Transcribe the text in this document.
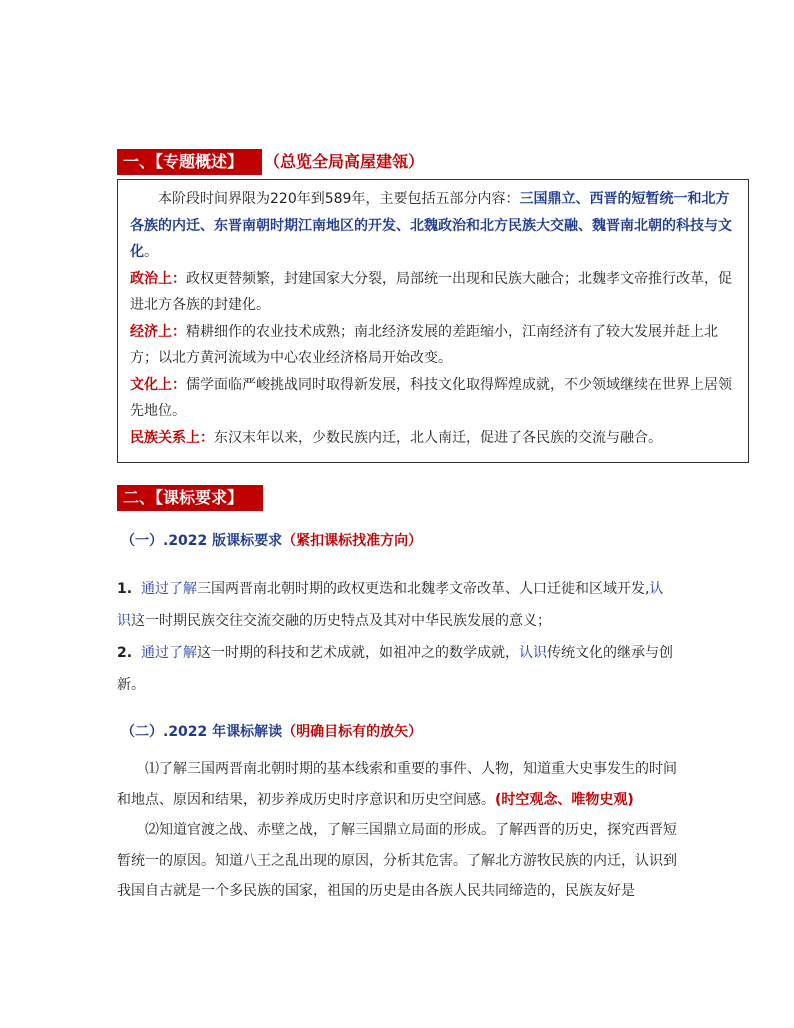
一、【专题概述】 （总览全局高屋建瓴）

本阶段时间界限为220年到589年，主要包括五部分内容：三国鼎立、西晋的短暂统一和北方各族的内迁、东晋南朝时期江南地区的开发、北魏政治和北方民族大交融、魏晋南北朝的科技与文化。

政治上：政权更替频繁，封建国家大分裂，局部统一出现和民族大融合；北魏孝文帝推行改革，促进北方各族的封建化。

经济上：精耕细作的农业技术成熟；南北经济发展的差距缩小，江南经济有了较大发展并赶上北方；以北方黄河流域为中心农业经济格局开始改变。

文化上：儒学面临严峻挑战同时取得新发展，科技文化取得辉煌成就，不少领域继续在世界上居领先地位。

民族关系上：东汉末年以来，少数民族内迁，北人南迁，促进了各民族的交流与融合。

二、【课标要求】
（一）.2022 版课标要求（紧扣课标找准方向）

1. 通过了解三国两晋南北朝时期的政权更迭和北魏孝文帝改革、人口迁徙和区域开发,认识这一时期民族交往交流交融的历史特点及其对中华民族发展的意义；

2. 通过了解这一时期的科技和艺术成就，如祖冲之的数学成就，认识传统文化的继承与创新。

（二）.2022 年课标解读（明确目标有的放矢）

⑴了解三国两晋南北朝时期的基本线索和重要的事件、人物，知道重大史事发生的时间和地点、原因和结果，初步养成历史时序意识和历史空间感。(时空观念、唯物史观)

⑵知道官渡之战、赤壁之战，了解三国鼎立局面的形成。了解西晋的历史，探究西晋短暂统一的原因。知道八王之乱出现的原因，分析其危害。了解北方游牧民族的内迁，认识到我国自古就是一个多民族的国家，祖国的历史是由各族人民共同缔造的，民族友好是
